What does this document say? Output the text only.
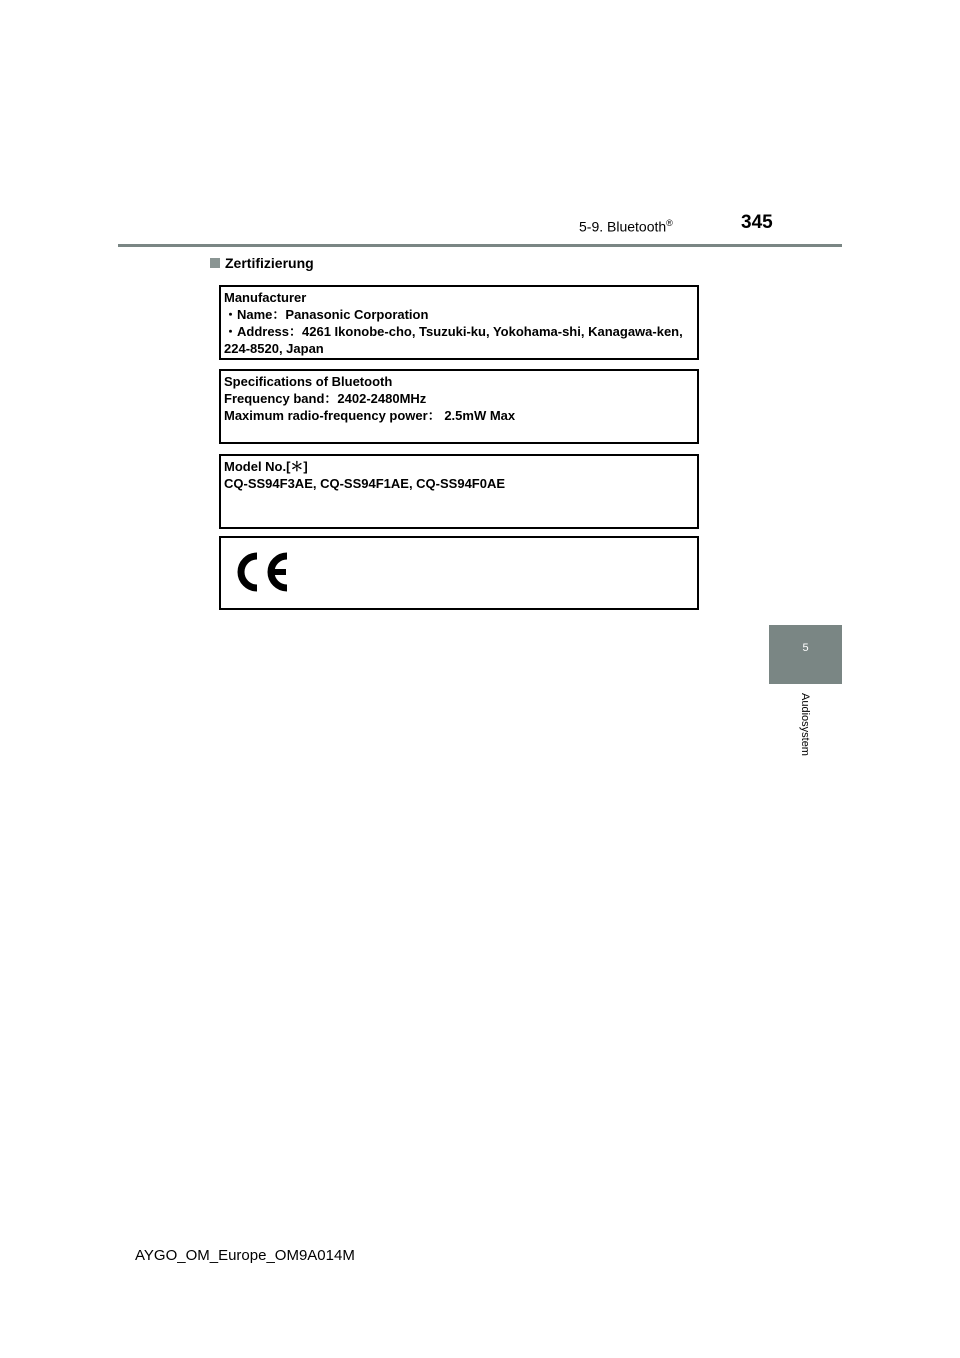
5-9. Bluetooth®	345
Zertifizierung
Manufacturer
・Name：Panasonic Corporation
・Address：4261 Ikonobe-cho, Tsuzuki-ku, Yokohama-shi, Kanagawa-ken, 224-8520, Japan
Specifications of Bluetooth
Frequency band：2402-2480MHz
Maximum radio-frequency power： 2.5mW Max
Model No.[＊]
CQ-SS94F3AE, CQ-SS94F1AE, CQ-SS94F0AE
5
Audiosystem
AYGO_OM_Europe_OM9A014M
